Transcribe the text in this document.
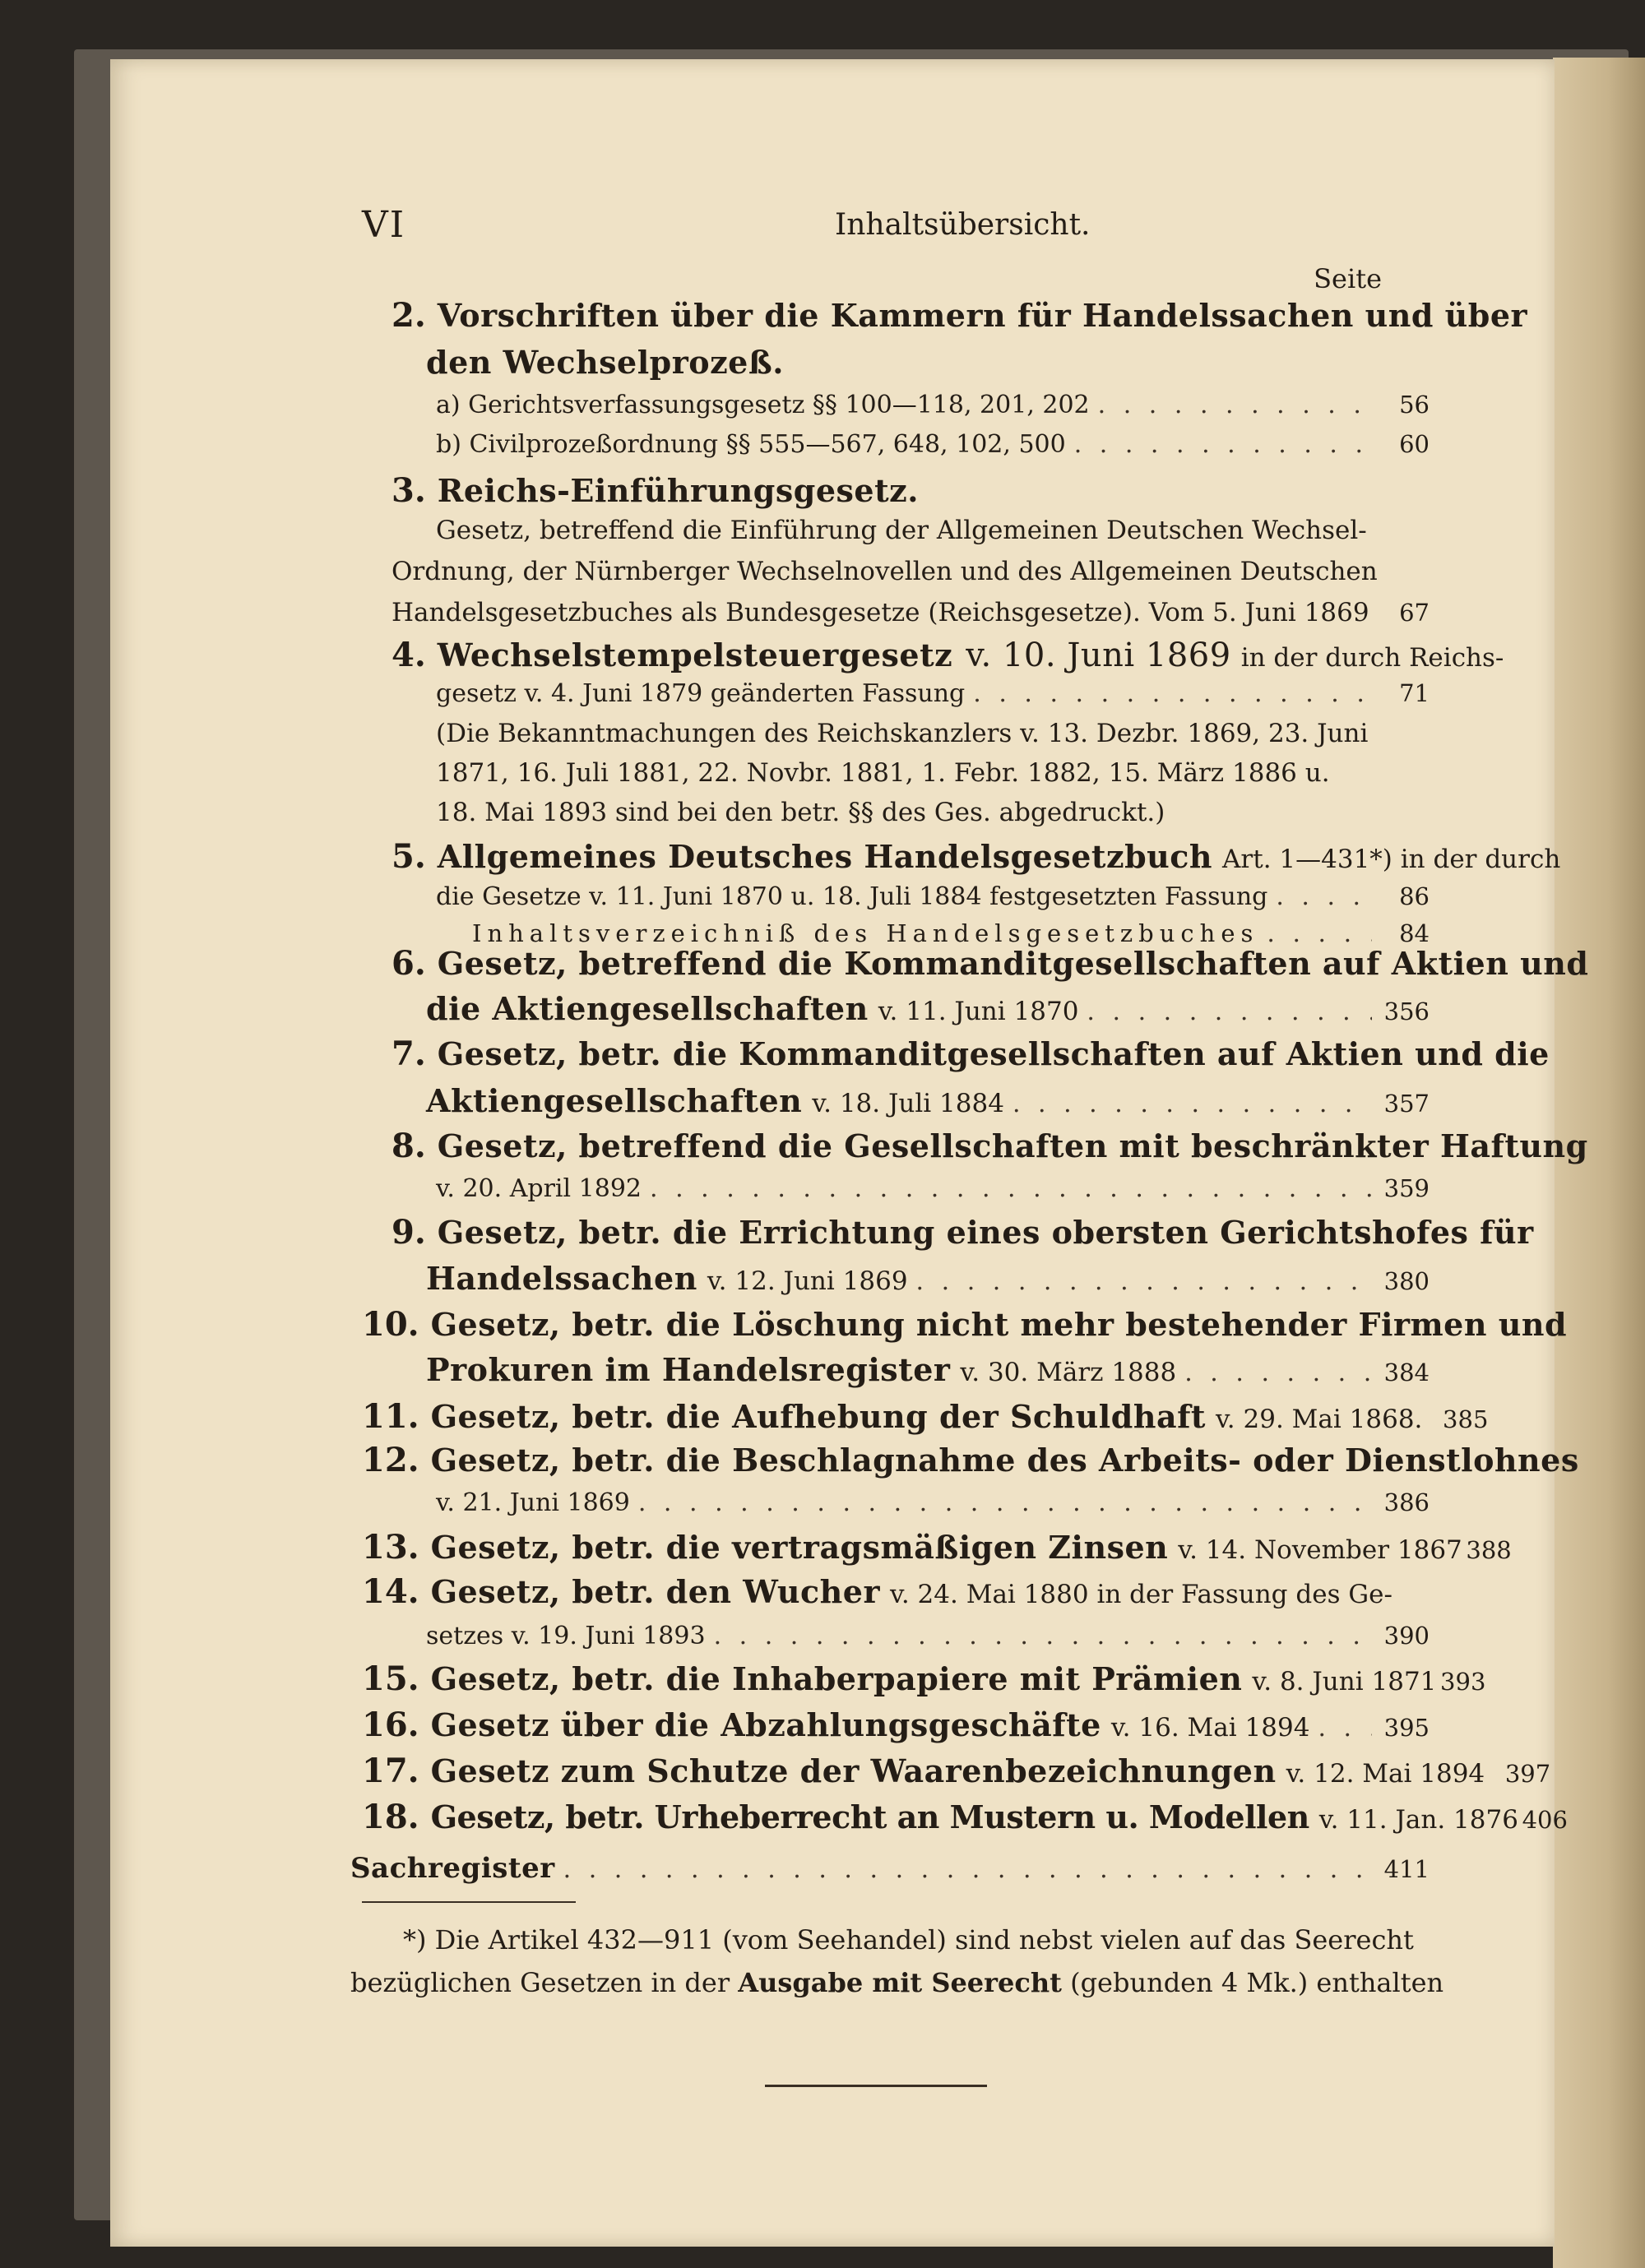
VI	Inhaltsübersicht.
Seite
2. Vorschriften über die Kammern für Handelssachen und über
den Wechselprozeß.
a) Gerichtsverfassungsgesetz §§ 100—118, 201, 202 . . .	56
b) Civilprozeßordnung §§ 555—567, 648, 102, 500 . . .	60
3. Reichs-Einführungsgesetz.
Gesetz, betreffend die Einführung der Allgemeinen Deutschen Wechsel-
Ordnung, der Nürnberger Wechselnovellen und des Allgemeinen Deutschen
Handelsgesetzbuches als Bundesgesetze (Reichsgesetze). Vom 5. Juni 1869	67
4. Wechselstempelsteuergesetz v. 10. Juni 1869 in der durch Reichs-
gesetz v. 4. Juni 1879 geänderten Fassung . . .	71
(Die Bekanntmachungen des Reichskanzlers v. 13. Dezbr. 1869, 23. Juni
1871, 16. Juli 1881, 22. Novbr. 1881, 1. Febr. 1882, 15. März 1886 u.
18. Mai 1893 sind bei den betr. §§ des Ges. abgedruckt.)
5. Allgemeines Deutsches Handelsgesetzbuch Art. 1—431*) in der durch
die Gesetze v. 11. Juni 1870 u. 18. Juli 1884 festgesetzten Fassung . . .	86
Inhaltsverzeichniß des Handelsgesetzbuches . . .	84
6. Gesetz, betreffend die Kommanditgesellschaften auf Aktien und
die Aktiengesellschaften v. 11. Juni 1870 . . .	356
7. Gesetz, betr. die Kommanditgesellschaften auf Aktien und die
Aktiengesellschaften v. 18. Juli 1884 . . .	357
8. Gesetz, betreffend die Gesellschaften mit beschränkter Haftung
v. 20. April 1892 . . .	359
9. Gesetz, betr. die Errichtung eines obersten Gerichtshofes für
Handelssachen v. 12. Juni 1869 . . .	380
10. Gesetz, betr. die Löschung nicht mehr bestehender Firmen und
Prokuren im Handelsregister v. 30. März 1888 . . .	384
11. Gesetz, betr. die Aufhebung der Schuldhaft v. 29. Mai 1868. 385
12. Gesetz, betr. die Beschlagnahme des Arbeits- oder Dienstlohnes
v. 21. Juni 1869 . . .	386
13. Gesetz, betr. die vertragsmäßigen Zinsen v. 14. November 1867 388
14. Gesetz, betr. den Wucher v. 24. Mai 1880 in der Fassung des Ge-
setzes v. 19. Juni 1893 . . .	390
15. Gesetz, betr. die Inhaberpapiere mit Prämien v. 8. Juni 1871 393
16. Gesetz über die Abzahlungsgeschäfte v. 16. Mai 1894 . . .	395
17. Gesetz zum Schutze der Waarenbezeichnungen v. 12. Mai 1894 397
18. Gesetz, betr. Urheberrecht an Mustern u. Modellen v. 11. Jan. 1876 406
Sachregister . . .	411
*) Die Artikel 432—911 (vom Seehandel) sind nebst vielen auf das Seerecht
bezüglichen Gesetzen in der Ausgabe mit Seerecht (gebunden 4 Mk.) enthalten
